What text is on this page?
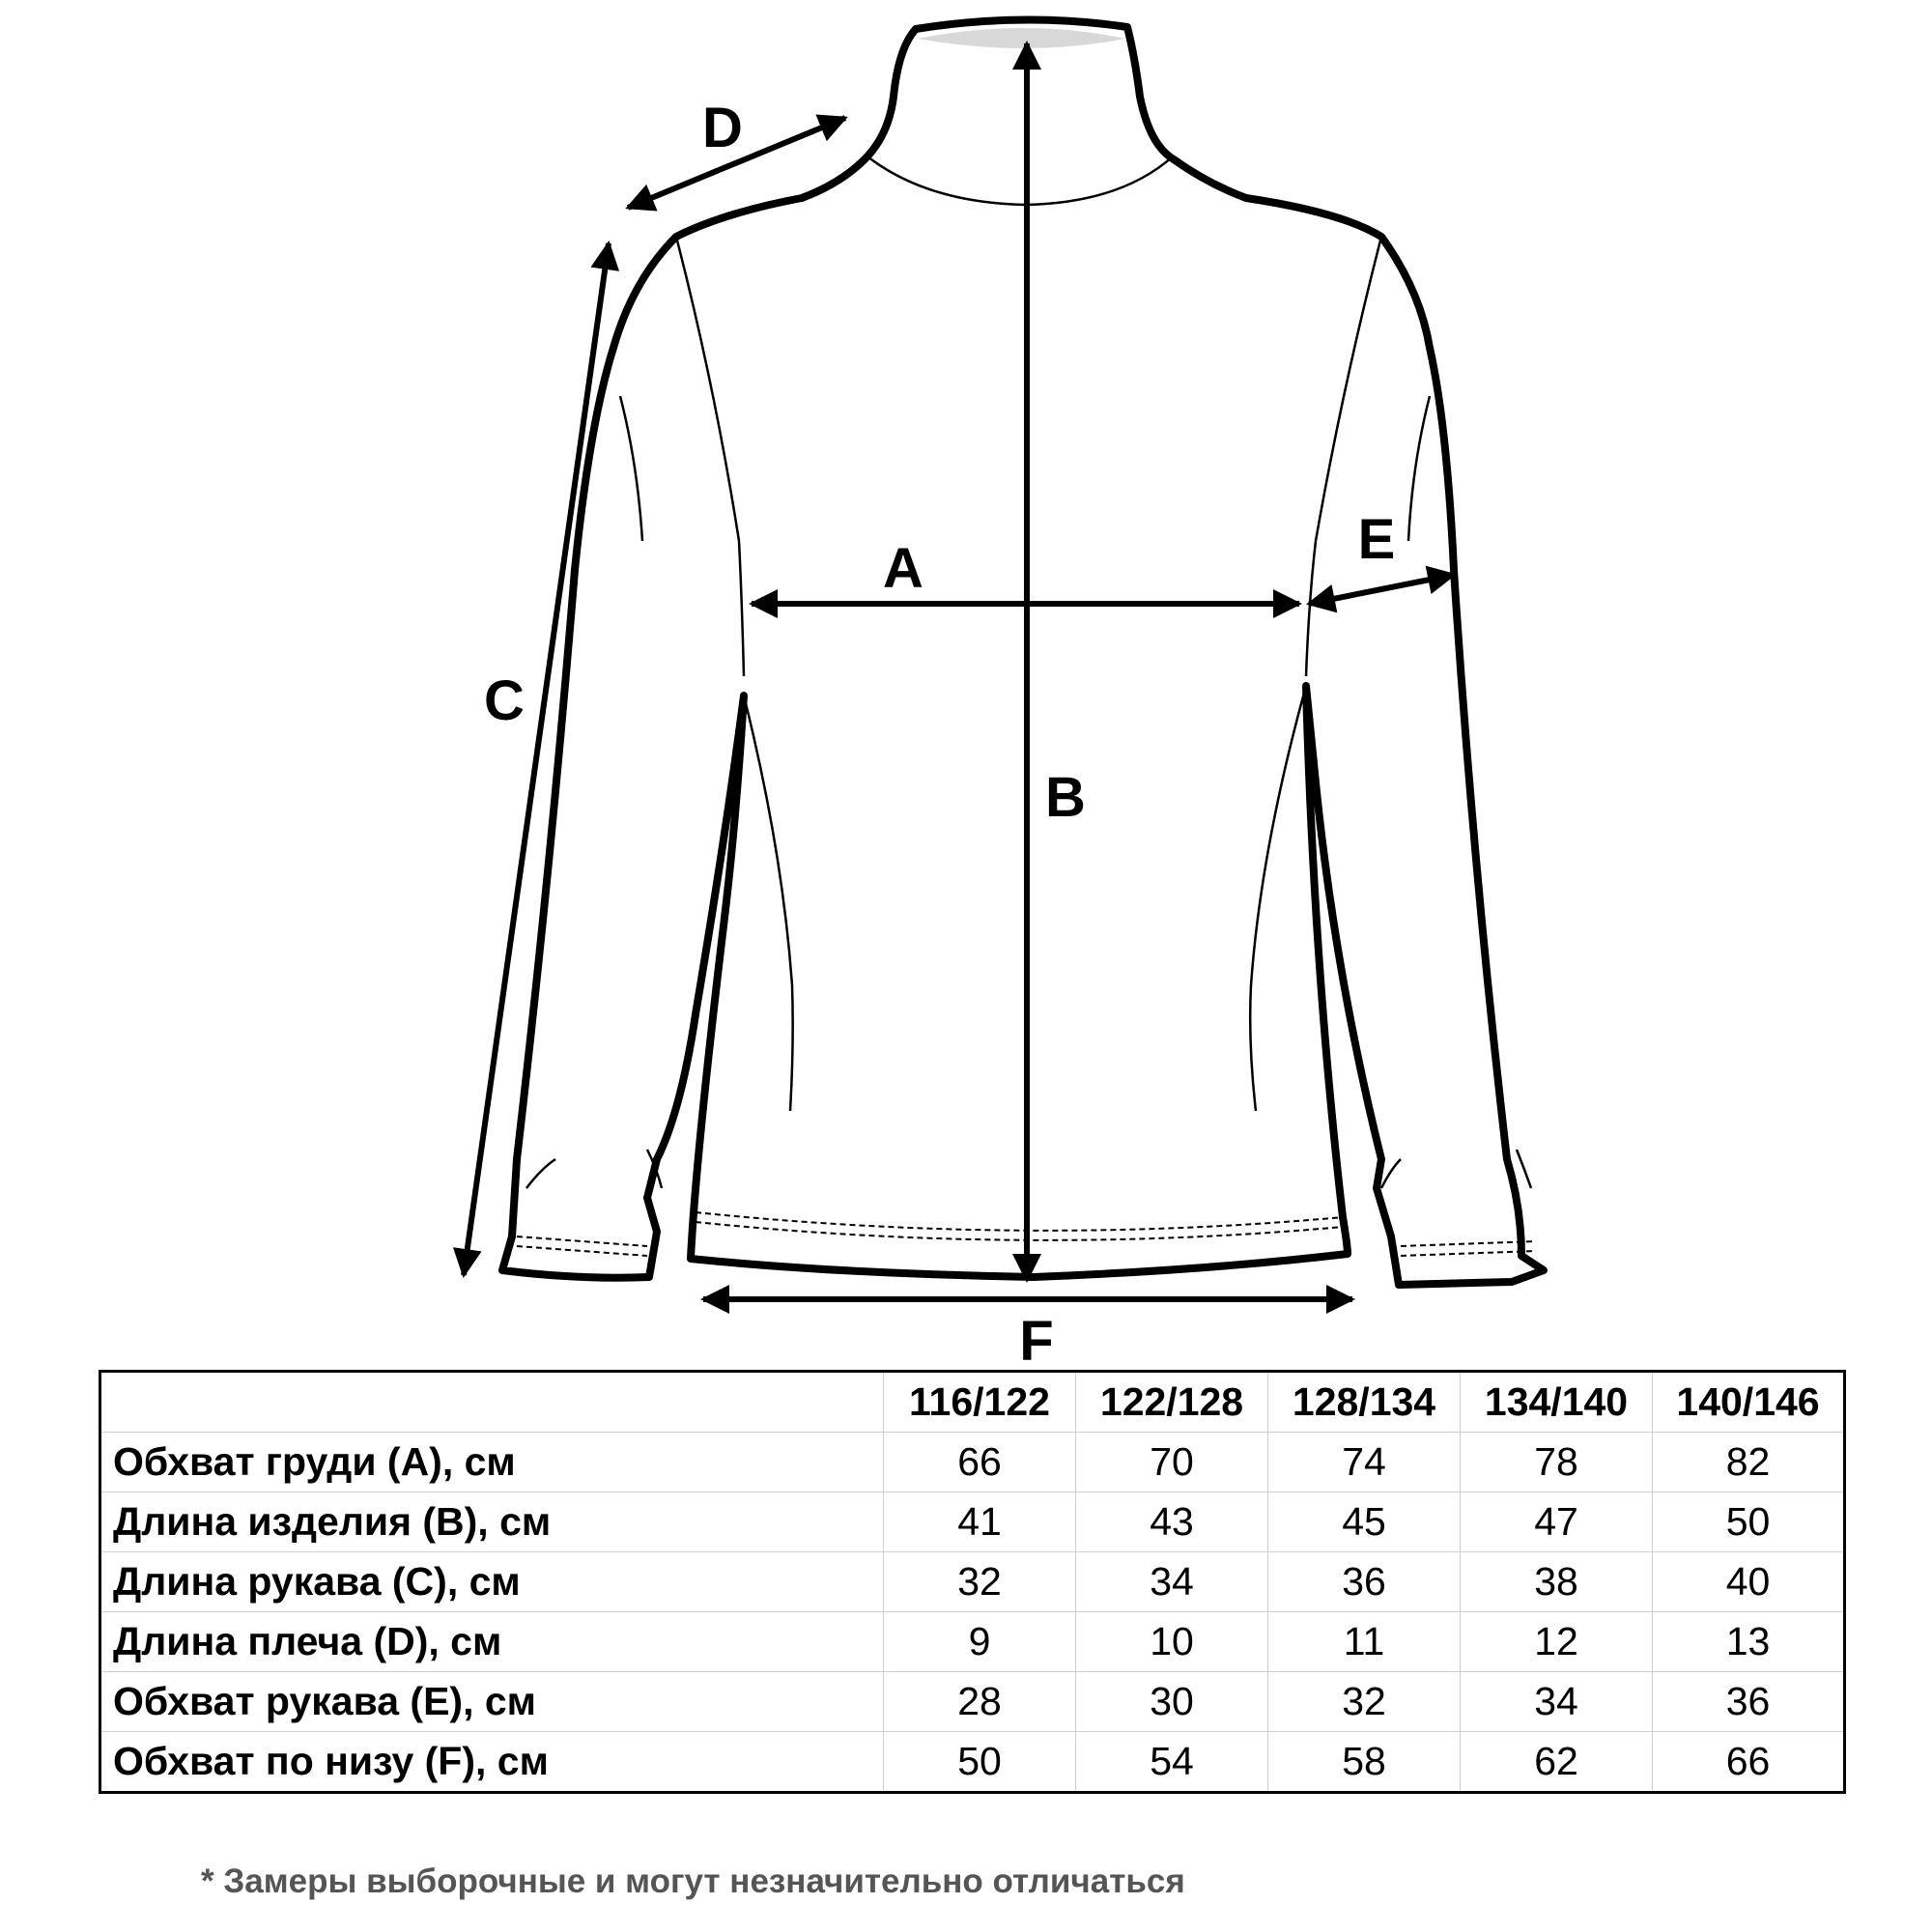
A
B
C
D
E
F
	116/122	122/128	128/134	134/140	140/146
Обхват груди (A), см	66	70	74	78	82
Длина изделия (B), см	41	43	45	47	50
Длина рукава (C), см	32	34	36	38	40
Длина плеча (D), см	9	10	11	12	13
Обхват рукава (E), см	28	30	32	34	36
Обхват по низу (F), см	50	54	58	62	66
* Замеры выборочные и могут незначительно отличаться
